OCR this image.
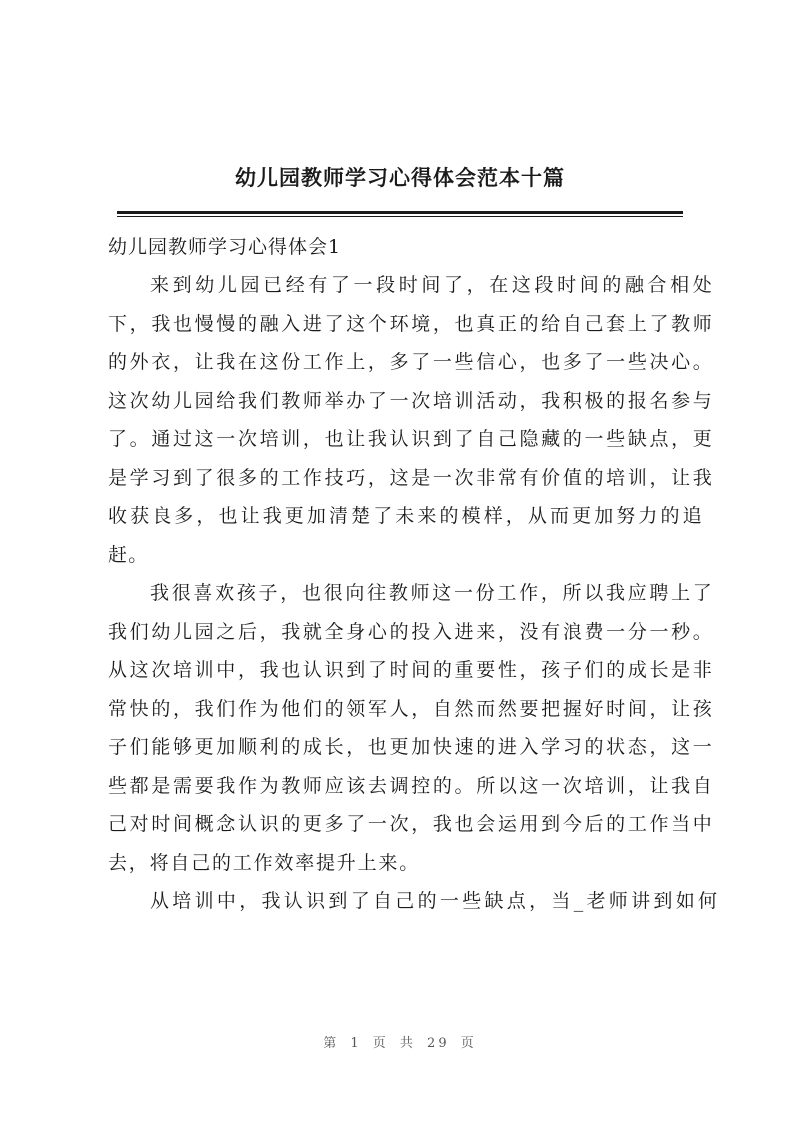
幼儿园教师学习心得体会范本十篇
幼儿园教师学习心得体会1
来到幼儿园已经有了一段时间了，在这段时间的融合相处
下，我也慢慢的融入进了这个环境，也真正的给自己套上了教师
的外衣，让我在这份工作上，多了一些信心，也多了一些决心。
这次幼儿园给我们教师举办了一次培训活动，我积极的报名参与
了。通过这一次培训，也让我认识到了自己隐藏的一些缺点，更
是学习到了很多的工作技巧，这是一次非常有价值的培训，让我
收获良多，也让我更加清楚了未来的模样，从而更加努力的追
赶。
我很喜欢孩子，也很向往教师这一份工作，所以我应聘上了
我们幼儿园之后，我就全身心的投入进来，没有浪费一分一秒。
从这次培训中，我也认识到了时间的重要性，孩子们的成长是非
常快的，我们作为他们的领军人，自然而然要把握好时间，让孩
子们能够更加顺利的成长，也更加快速的进入学习的状态，这一
些都是需要我作为教师应该去调控的。所以这一次培训，让我自
己对时间概念认识的更多了一次，我也会运用到今后的工作当中
去，将自己的工作效率提升上来。
从培训中，我认识到了自己的一些缺点，当_老师讲到如何
第 1 页 共 29 页
